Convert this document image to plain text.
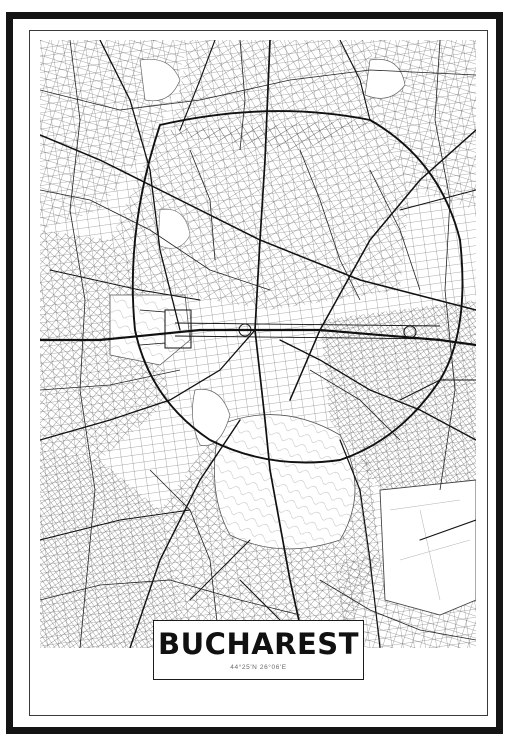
BUCHAREST
44°25'N 26°06'E
